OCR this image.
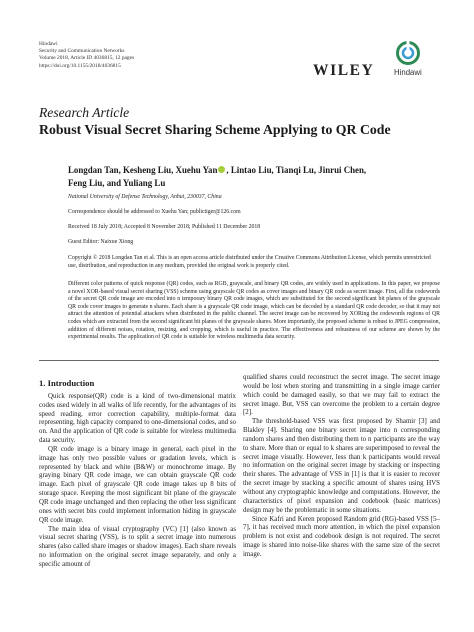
Hindawi
Security and Communication Networks
Volume 2018, Article ID 4036815, 12 pages
https://doi.org/10.1155/2018/4036815	WILEY	Hindawi
Research Article
Robust Visual Secret Sharing Scheme Applying to QR Code
Longdan Tan, Kesheng Liu, Xuehu Yan , Lintao Liu, Tianqi Lu, Jinrui Chen,
Feng Liu, and Yuliang Lu
National University of Defense Technology, Anhui, 230037, China
Correspondence should be addressed to Xuehu Yan; publictiger@126.com
Received 18 July 2018; Accepted 8 November 2018; Published 11 December 2018
Guest Editor: Naixue Xiong
Copyright © 2018 Longdan Tan et al. This is an open access article distributed under the Creative Commons Attribution License, which permits unrestricted use, distribution, and reproduction in any medium, provided the original work is properly cited.
Different color patterns of quick response (QR) codes, such as RGB, grayscale, and binary QR codes, are widely used in applications. In this paper, we propose a novel XOR-based visual secret sharing (VSS) scheme using grayscale QR codes as cover images and binary QR code as secret image. First, all the codewords of the secret QR code image are encoded into n temporary binary QR code images, which are substituted for the second significant bit planes of the grayscale QR code cover images to generate n shares. Each share is a grayscale QR code image, which can be decoded by a standard QR code decoder, so that it may not attract the attention of potential attackers when distributed in the public channel. The secret image can be recovered by XORing the codewords regions of QR codes which are extracted from the second significant bit planes of the grayscale shares. More importantly, the proposed scheme is robust to JPEG compression, addition of different noises, rotation, resizing, and cropping, which is useful in practice. The effectiveness and robustness of our scheme are shown by the experimental results. The application of QR code is suitable for wireless multimedia data security.
1. Introduction

Quick response(QR) code is a kind of two-dimensional matrix codes used widely in all walks of life recently, for the advantages of its speed reading, error correction capability, multiple-format data representing, high capacity compared to one-dimensional codes, and so on. And the application of QR code is suitable for wireless multimedia data security.

QR code image is a binary image in general, each pixel in the image has only two possible values or gradation levels, which is represented by black and white (B&W) or monochrome image. By graying binary QR code image, we can obtain grayscale QR code image. Each pixel of grayscale QR code image takes up 8 bits of storage space. Keeping the most significant bit plane of the grayscale QR code image unchanged and then replacing the other less significant ones with secret bits could implement information hiding in grayscale QR code image.

The main idea of visual cryptography (VC) [1] (also known as visual secret sharing (VSS), is to split a secret image into numerous shares (also called share images or shadow images). Each share reveals no information on the original secret image separately, and only a specific amount of

qualified shares could reconstruct the secret image. The secret image would be lost when storing and transmitting in a single image carrier which could be damaged easily, so that we may fail to extract the secret image. But, VSS can overcome the problem to a certain degree [2].

The threshold-based VSS was first proposed by Shamir [3] and Blakley [4]. Sharing one binary secret image into n corresponding random shares and then distributing them to n participants are the way to share. More than or equal to k shares are superimposed to reveal the secret image visually. However, less than k participants would reveal no information on the original secret image by stacking or inspecting their shares. The advantage of VSS in [1] is that it is easier to recover the secret image by stacking a specific amount of shares using HVS without any cryptographic knowledge and computations. However, the characteristics of pixel expansion and codebook (basic matrices) design may be the problematic in some situations.

Since Kafri and Keren proposed Random grid (RG)-based VSS [5–7], it has received much more attention, in which the pixel expansion problem is not exist and codebook design is not required. The secret image is shared into noise-like shares with the same size of the secret image.
